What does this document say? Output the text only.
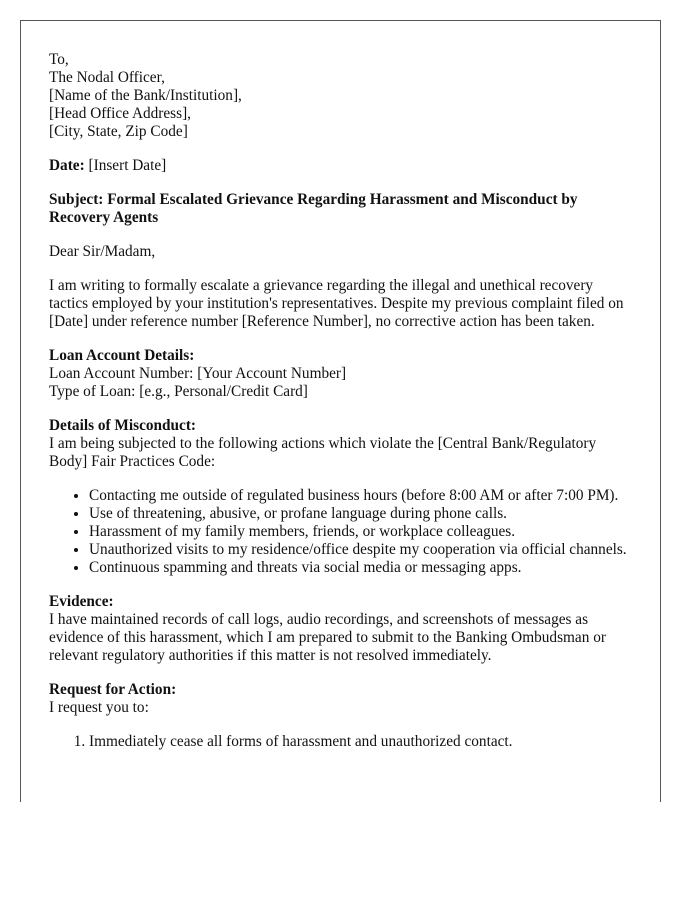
To,
The Nodal Officer,
[Name of the Bank/Institution],
[Head Office Address],
[City, State, Zip Code]

Date: [Insert Date]

Subject: Formal Escalated Grievance Regarding Harassment and Misconduct by Recovery Agents

Dear Sir/Madam,

I am writing to formally escalate a grievance regarding the illegal and unethical recovery tactics employed by your institution's representatives. Despite my previous complaint filed on [Date] under reference number [Reference Number], no corrective action has been taken.

Loan Account Details:
Loan Account Number: [Your Account Number]
Type of Loan: [e.g., Personal/Credit Card]

Details of Misconduct:
I am being subjected to the following actions which violate the [Central Bank/Regulatory Body] Fair Practices Code:

• Contacting me outside of regulated business hours (before 8:00 AM or after 7:00 PM).
• Use of threatening, abusive, or profane language during phone calls.
• Harassment of my family members, friends, or workplace colleagues.
• Unauthorized visits to my residence/office despite my cooperation via official channels.
• Continuous spamming and threats via social media or messaging apps.

Evidence:
I have maintained records of call logs, audio recordings, and screenshots of messages as evidence of this harassment, which I am prepared to submit to the Banking Ombudsman or relevant regulatory authorities if this matter is not resolved immediately.

Request for Action:
I request you to:

1. Immediately cease all forms of harassment and unauthorized contact.
